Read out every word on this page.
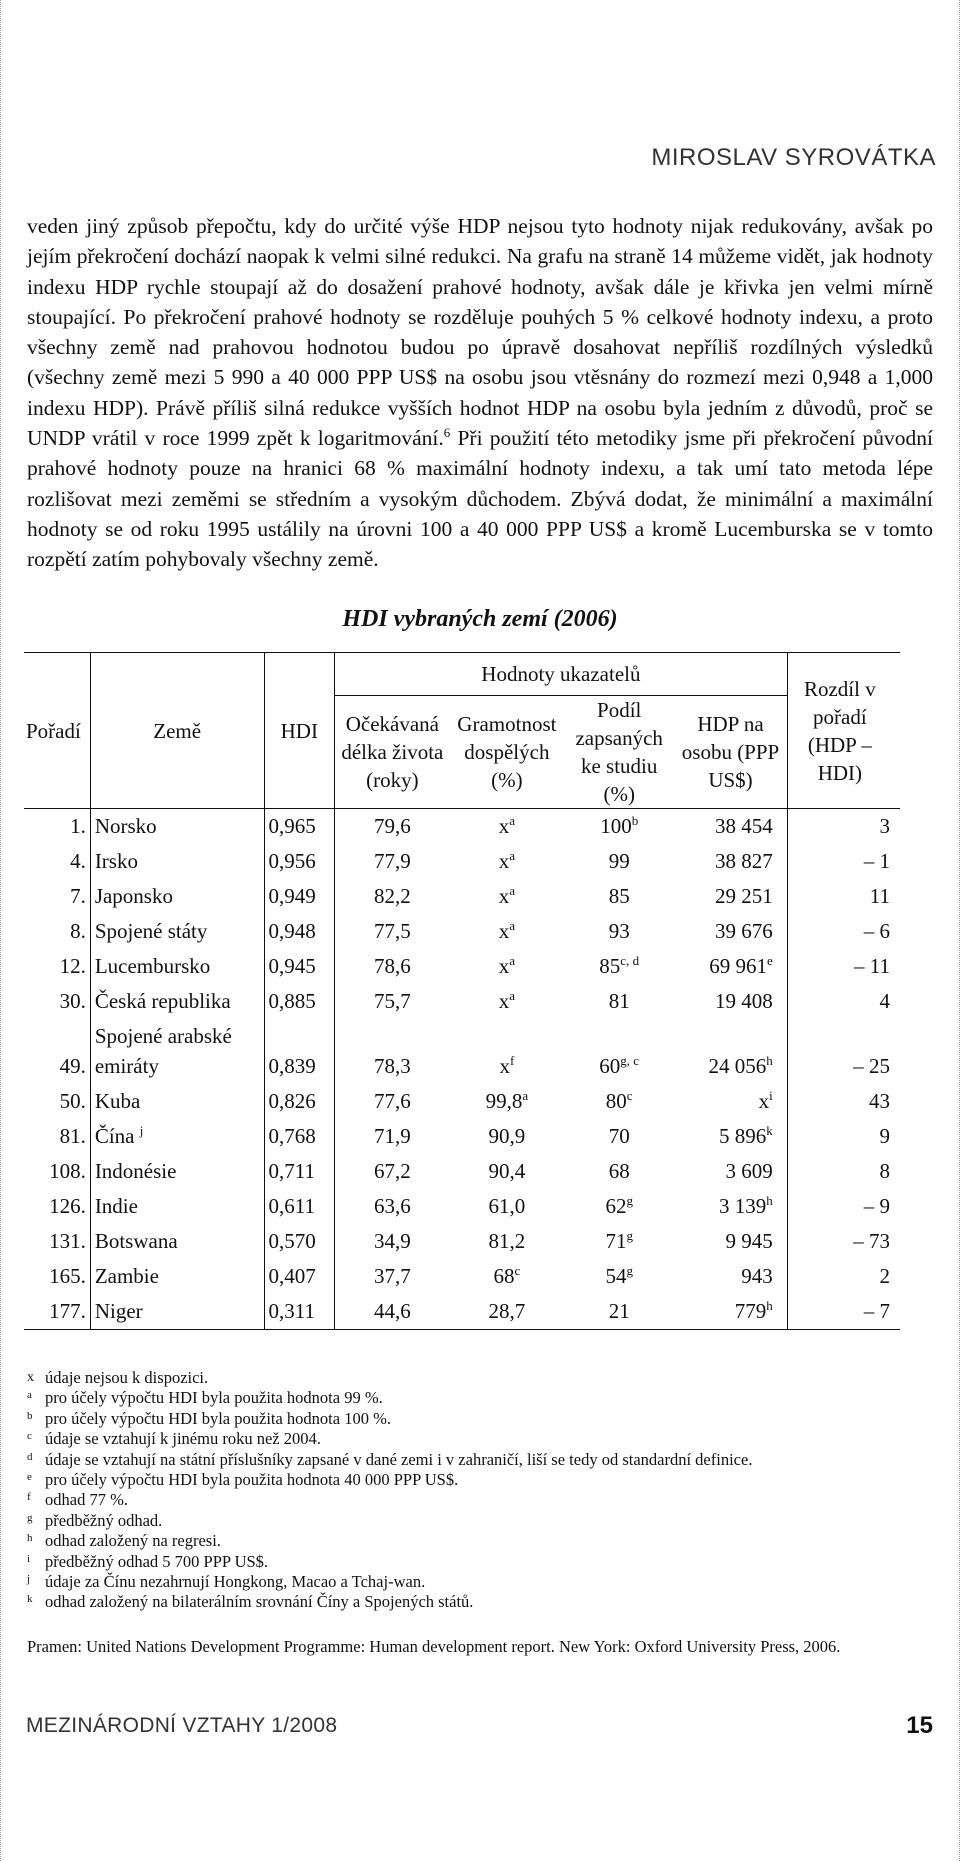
MIROSLAV SYROVÁTKA

veden jiný způsob přepočtu, kdy do určité výše HDP nejsou tyto hodnoty nijak redukovány, avšak po jejím překročení dochází naopak k velmi silné redukci. Na grafu na straně 14 můžeme vidět, jak hodnoty indexu HDP rychle stoupají až do dosažení prahové hodnoty, avšak dále je křivka jen velmi mírně stoupající. Po překročení prahové hodnoty se rozděluje pouhých 5 % celkové hodnoty indexu, a proto všechny země nad prahovou hodnotou budou po úpravě dosahovat nepříliš rozdílných výsledků (všechny země mezi 5 990 a 40 000 PPP US$ na osobu jsou vtěsnány do rozmezí mezi 0,948 a 1,000 indexu HDP). Právě příliš silná redukce vyšších hodnot HDP na osobu byla jedním z důvodů, proč se UNDP vrátil v roce 1999 zpět k logaritmování.$^6$ Při použití této metodiky jsme při překročení původní prahové hodnoty pouze na hranici 68 % maximální hodnoty indexu, a tak umí tato metoda lépe rozlišovat mezi zeměmi se středním a vysokým důchodem. Zbývá dodat, že minimální a maximální hodnoty se od roku 1995 ustálily na úrovni 100 a 40 000 PPP US$ a kromě Lucemburska se v tomto rozpětí zatím pohybovaly všechny země.

HDI vybraných zemí (2006)
Pořadí	Země	HDI	Hodnoty ukazatelů				Rozdíl v pořadí (HDP – HDI)
			Očekávaná délka života (roky)	Gramotnost dospělých (%)	Podíl zapsaných ke studiu (%)	HDP na osobu (PPP US$)	
1.	Norsko	0,965	79,6	$x^a$	100$^b$	38 454	3
4.	Irsko	0,956	77,9	$x^a$	99	38 827	– 1
7.	Japonsko	0,949	82,2	$x^a$	85	29 251	11
8.	Spojené státy	0,948	77,5	$x^a$	93	39 676	– 6
12.	Lucembursko	0,945	78,6	$x^a$	85$^{c, d}$	69 961e	– 11
30.	Česká republika	0,885	75,7	$x^a$	81	19 408	4
49.	Spojené arabské emiráty	0,839	78,3	$x^f$	60$^{g, c}$	24 056$^h$	– 25
50.	Kuba	0,826	77,6	99,8$^a$	80$^c$	$x^i$	43
81.	Čína $^j$	0,768	71,9	90,9	70	5 896$^k$	9
108.	Indonésie	0,711	67,2	90,4	68	3 609	8
126.	Indie	0,611	63,6	61,0	62$^g$	3 139$^h$	– 9
131.	Botswana	0,570	34,9	81,2	71$^g$	9 945	– 73
165.	Zambie	0,407	37,7	68$^c$	54$^g$	943	2
177.	Niger	0,311	44,6	28,7	21	779$^h$	– 7
x údaje nejsou k dispozici.
a pro účely výpočtu HDI byla použita hodnota 99 %.
b pro účely výpočtu HDI byla použita hodnota 100 %.
c údaje se vztahují k jinému roku než 2004.
d údaje se vztahují na státní příslušníky zapsané v dané zemi i v zahraničí, liší se tedy od standardní definice.
e pro účely výpočtu HDI byla použita hodnota 40 000 PPP US$.
f odhad 77 %.
g předběžný odhad.
h odhad založený na regresi.
i předběžný odhad 5 700 PPP US$.
j údaje za Čínu nezahrnují Hongkong, Macao a Tchaj-wan.
k odhad založený na bilaterálním srovnání Číny a Spojených států.

Pramen: United Nations Development Programme: Human development report. New York: Oxford University Press, 2006.

MEZINÁRODNÍ VZTAHY 1/2008	15
